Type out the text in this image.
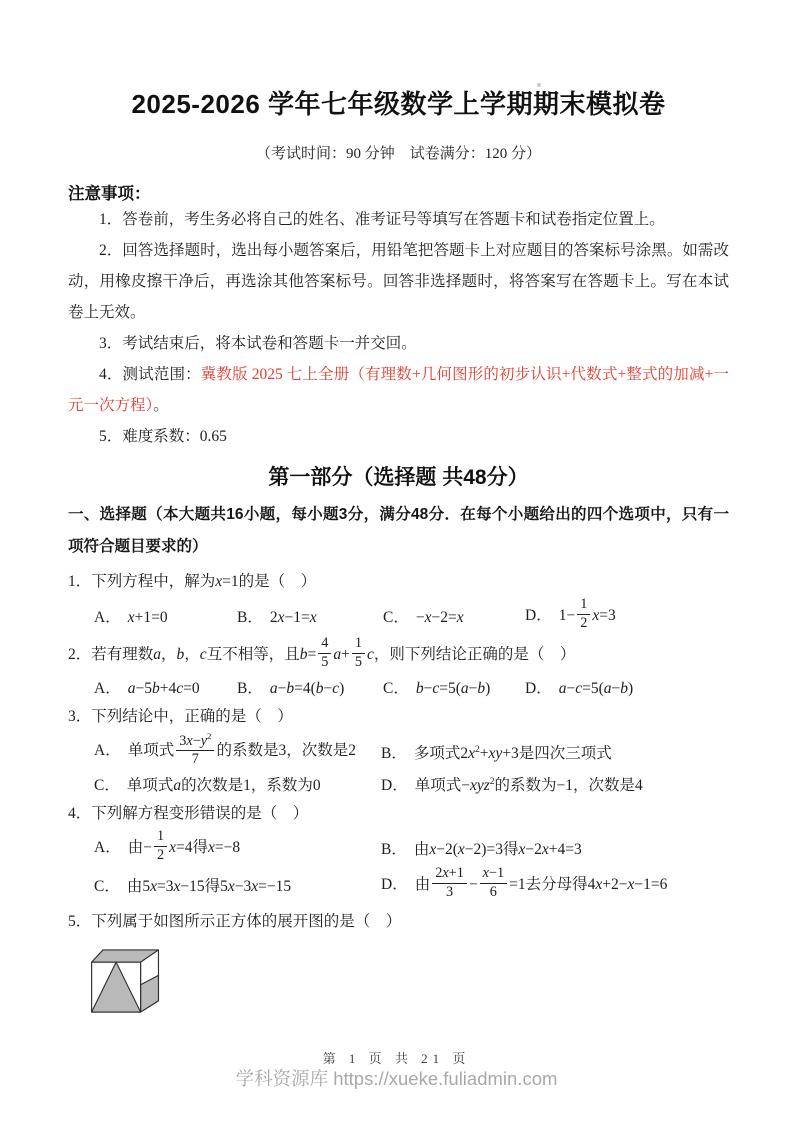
2025-2026 学年七年级数学上学期期末模拟卷
（考试时间：90 分钟　试卷满分：120 分）
注意事项：

1．答卷前，考生务必将自己的姓名、准考证号等填写在答题卡和试卷指定位置上。

2．回答选择题时，选出每小题答案后，用铅笔把答题卡上对应题目的答案标号涂黑。如需改动，用橡皮擦干净后，再选涂其他答案标号。回答非选择题时，将答案写在答题卡上。写在本试卷上无效。

3．考试结束后，将本试卷和答题卡一并交回。

4．测试范围：冀教版 2025 七上全册（有理数+几何图形的初步认识+代数式+整式的加减+一元一次方程）。

5．难度系数：0.65

第一部分（选择题 共48分）

一、选择题（本大题共16小题，每小题3分，满分48分．在每个小题给出的四个选项中，只有一项符合题目要求的）

1．下列方程中，解为x=1的是（　）
A． x+1=0	B． 2x−1=x	C． −x−2=x	D． $1- \frac{1}{2} x=3$
2．若有理数a，b，c互不相等，且$b= \frac{4}{5} a+ \frac{1}{5}$ c，则下列结论正确的是（　）
A． a−5b+4c=0	B． a−b=4(b−c)	C． b−c=5(a−b)	D． a−c=5(a−b)
3．下列结论中，正确的是（　）
A． 单项式 $\frac{3x-y^2}{7}$ 的系数是3，次数是2	B． 多项式$2x^2+xy+3$是四次三项式
C． 单项式a的次数是1，系数为0	D． 单项式−xyz$^2$的系数为−1，次数是4
4．下列解方程变形错误的是（　）
A． 由− $\frac{1}{2} x=4$得x=−8	B． 由x−2(x−2)=3得x−2x+4=3
C． 由5x=3x−15得5x−3x=−15	D． 由 $\frac{2x+1}{3} - \frac{x-1}{6} =1$去分母得4x+2−x−1=6
5．下列属于如图所示正方体的展开图的是（　）
第 1 页 共 21 页
学科资源库 https://xueke.fuliadmin.com
